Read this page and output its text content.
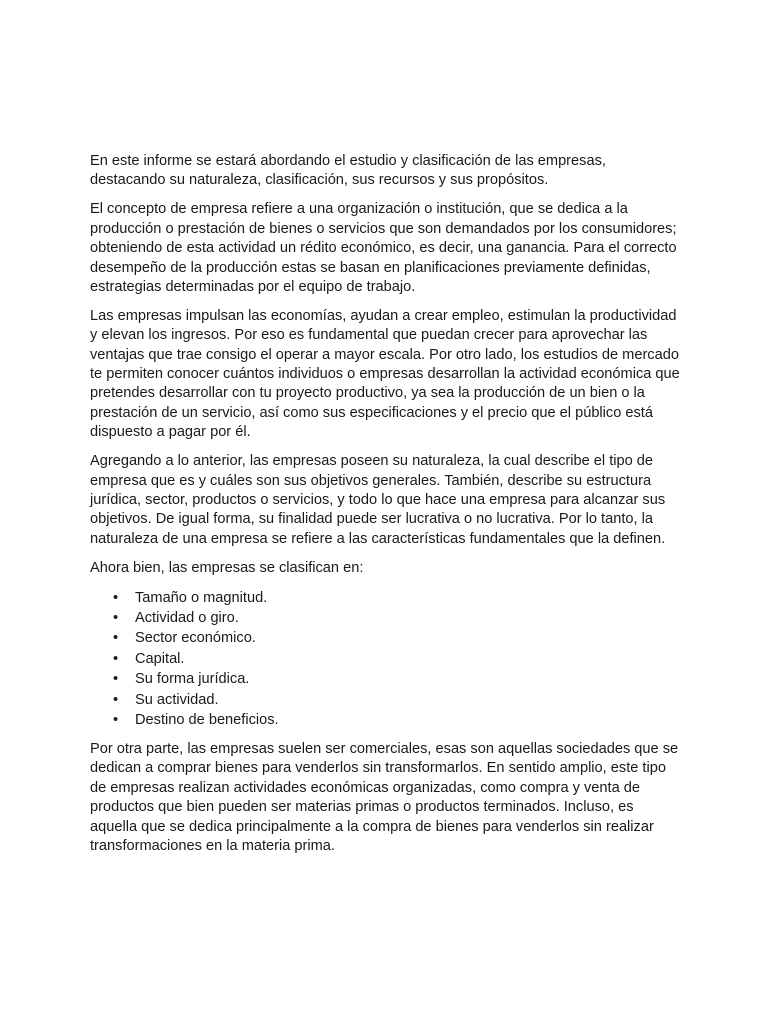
En este informe se estará abordando el estudio y clasificación de las empresas, destacando su naturaleza, clasificación, sus recursos y sus propósitos.

El concepto de empresa refiere a una organización o institución, que se dedica a la producción o prestación de bienes o servicios que son demandados por los consumidores; obteniendo de esta actividad un rédito económico, es decir, una ganancia. Para el correcto desempeño de la producción estas se basan en planificaciones previamente definidas, estrategias determinadas por el equipo de trabajo.

Las empresas impulsan las economías, ayudan a crear empleo, estimulan la productividad y elevan los ingresos. Por eso es fundamental que puedan crecer para aprovechar las ventajas que trae consigo el operar a mayor escala. Por otro lado, los estudios de mercado te permiten conocer cuántos individuos o empresas desarrollan la actividad económica que pretendes desarrollar con tu proyecto productivo, ya sea la producción de un bien o la prestación de un servicio, así como sus especificaciones y el precio que el público está dispuesto a pagar por él.

Agregando a lo anterior, las empresas poseen su naturaleza, la cual describe el tipo de empresa que es y cuáles son sus objetivos generales. También, describe su estructura jurídica, sector, productos o servicios, y todo lo que hace una empresa para alcanzar sus objetivos. De igual forma, su finalidad puede ser lucrativa o no lucrativa. Por lo tanto, la naturaleza de una empresa se refiere a las características fundamentales que la definen.

Ahora bien, las empresas se clasifican en:

• Tamaño o magnitud.
• Actividad o giro.
• Sector económico.
• Capital.
• Su forma jurídica.
• Su actividad.
• Destino de beneficios.

Por otra parte, las empresas suelen ser comerciales, esas son aquellas sociedades que se dedican a comprar bienes para venderlos sin transformarlos. En sentido amplio, este tipo de empresas realizan actividades económicas organizadas, como compra y venta de productos que bien pueden ser materias primas o productos terminados. Incluso, es aquella que se dedica principalmente a la compra de bienes para venderlos sin realizar transformaciones en la materia prima.
